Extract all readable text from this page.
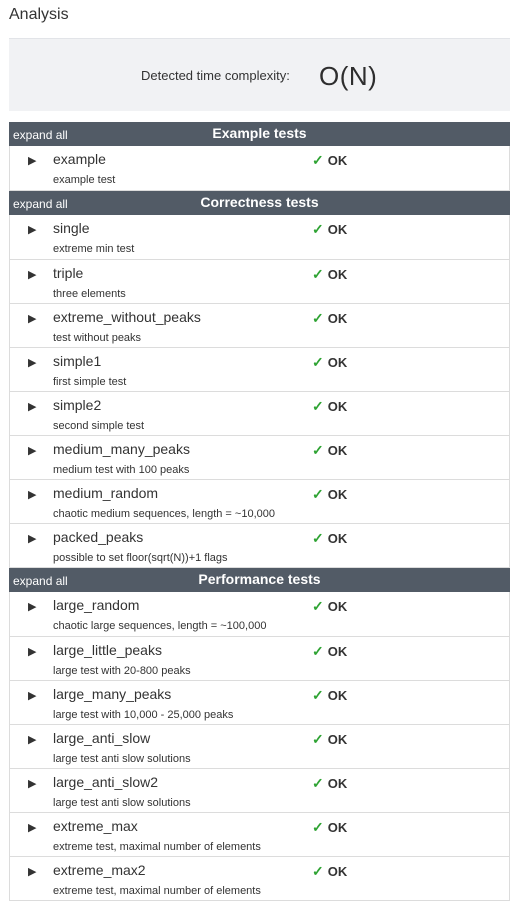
Analysis
Detected time complexity: O(N)
expand all	Example tests
▶ example
example test
✓ OK
expand all	Correctness tests
▶ single
extreme min test
✓ OK
▶ triple
three elements
✓ OK
▶ extreme_without_peaks
test without peaks
✓ OK
▶ simple1
first simple test
✓ OK
▶ simple2
second simple test
✓ OK
▶ medium_many_peaks
medium test with 100 peaks
✓ OK
▶ medium_random
chaotic medium sequences, length = ~10,000
✓ OK
▶ packed_peaks
possible to set floor(sqrt(N))+1 flags
✓ OK
expand all	Performance tests
▶ large_random
chaotic large sequences, length = ~100,000
✓ OK
▶ large_little_peaks
large test with 20-800 peaks
✓ OK
▶ large_many_peaks
large test with 10,000 - 25,000 peaks
✓ OK
▶ large_anti_slow
large test anti slow solutions
✓ OK
▶ large_anti_slow2
large test anti slow solutions
✓ OK
▶ extreme_max
extreme test, maximal number of elements
✓ OK
▶ extreme_max2
extreme test, maximal number of elements
✓ OK
